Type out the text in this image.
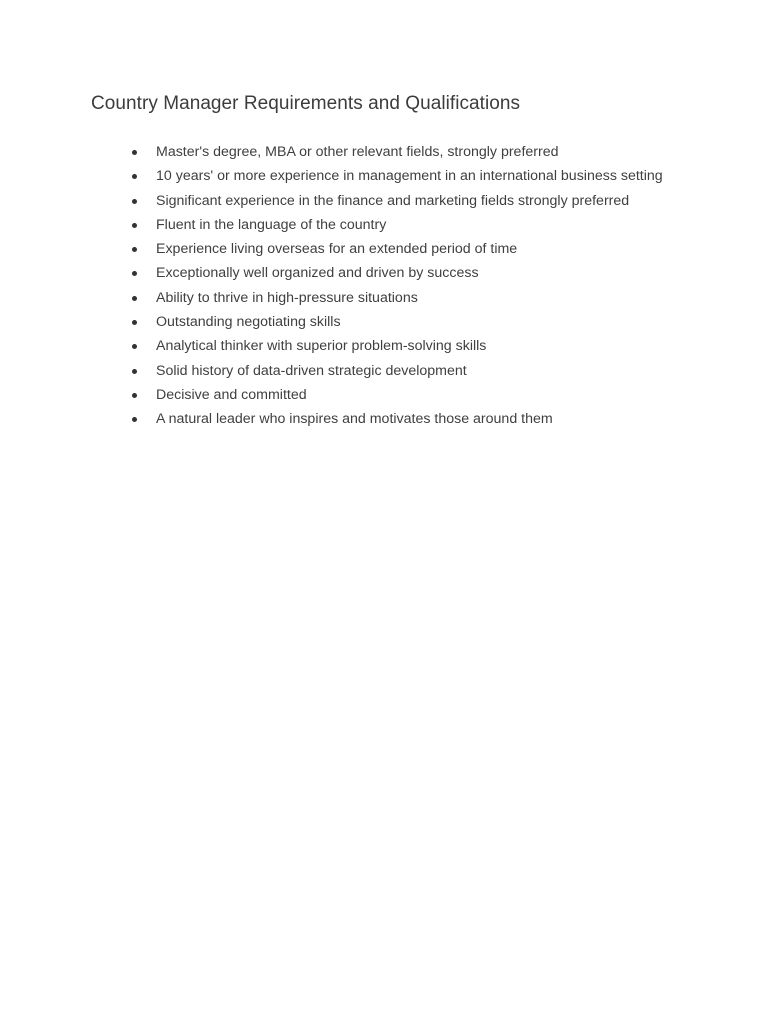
Country Manager Requirements and Qualifications
Master's degree, MBA or other relevant fields, strongly preferred
10 years' or more experience in management in an international business setting
Significant experience in the finance and marketing fields strongly preferred
Fluent in the language of the country
Experience living overseas for an extended period of time
Exceptionally well organized and driven by success
Ability to thrive in high-pressure situations
Outstanding negotiating skills
Analytical thinker with superior problem-solving skills
Solid history of data-driven strategic development
Decisive and committed
A natural leader who inspires and motivates those around them
